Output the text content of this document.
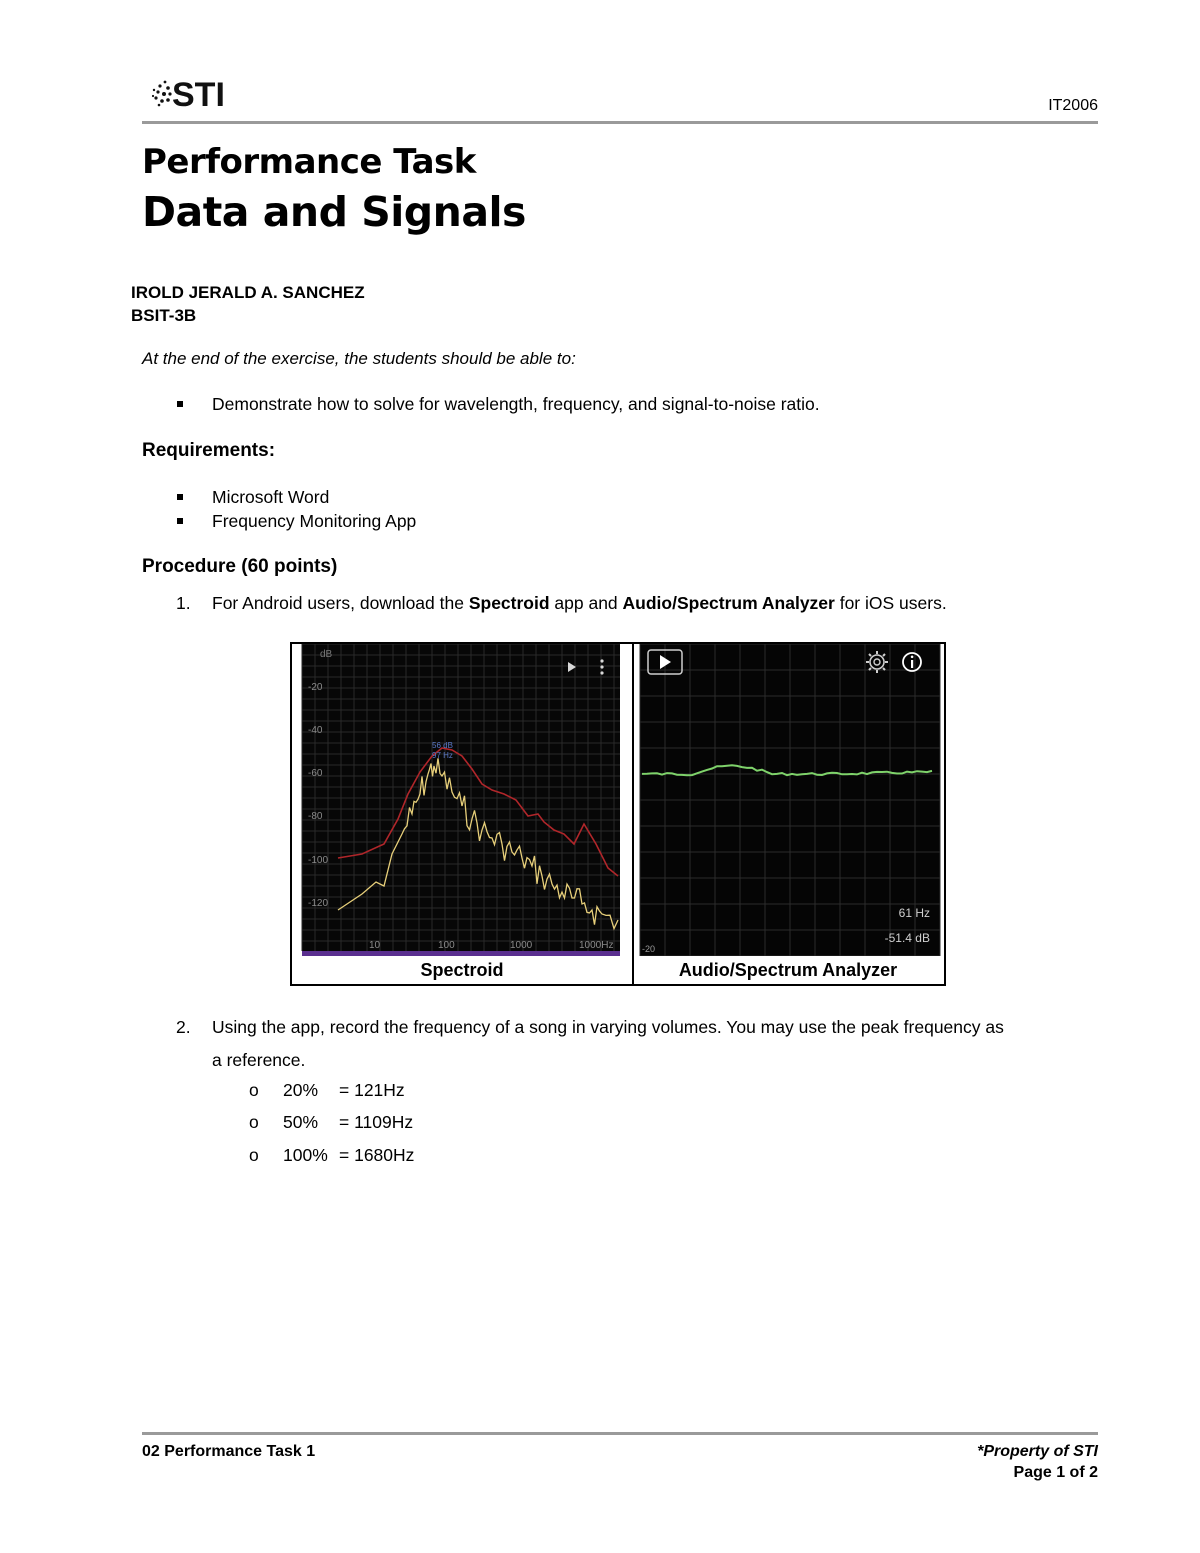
STI	IT2006
Performance Task
Data and Signals
IROLD JERALD A. SANCHEZ
BSIT-3B
At the end of the exercise, the students should be able to:
Demonstrate how to solve for wavelength, frequency, and signal-to-noise ratio.
Requirements:
Microsoft Word
Frequency Monitoring App
Procedure (60 points)
1. For Android users, download the Spectroid app and Audio/Spectrum Analyzer for iOS users.
dB
-20
-40
-60
-80
-100
-120
10	100	1000	1000Hz
56 dB
97 Hz
Spectroid
61 Hz
-51.4 dB
-20
Audio/Spectrum Analyzer
2. Using the app, record the frequency of a song in varying volumes. You may use the peak frequency as
a reference.
o 20% = 121Hz
o 50% = 1109Hz
o 100% = 1680Hz
02 Performance Task 1	*Property of STI
Page 1 of 2
